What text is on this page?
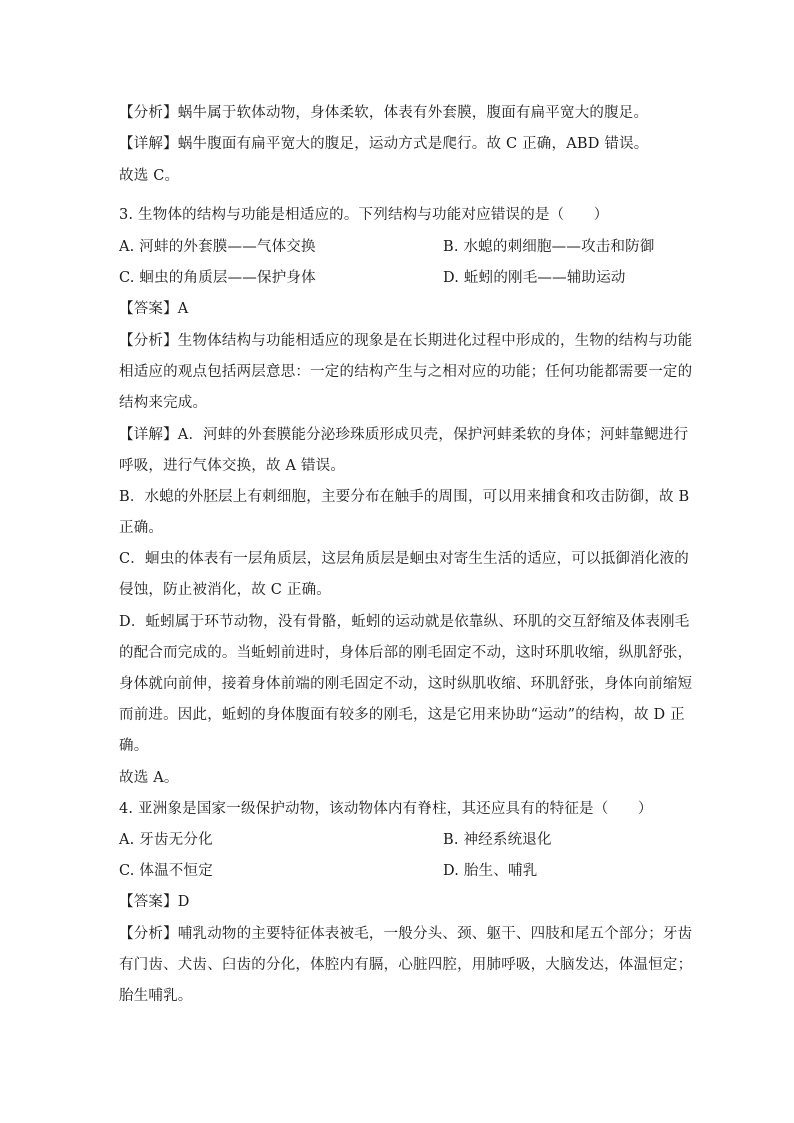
【分析】蜗牛属于软体动物，身体柔软，体表有外套膜，腹面有扁平宽大的腹足。
【详解】蜗牛腹面有扁平宽大的腹足，运动方式是爬行。故 C 正确，ABD 错误。
故选 C。
3. 生物体的结构与功能是相适应的。下列结构与功能对应错误的是（　　）
A. 河蚌的外套膜——气体交换	B. 水螅的刺细胞——攻击和防御
C. 蛔虫的角质层——保护身体	D. 蚯蚓的刚毛——辅助运动
【答案】A
【分析】生物体结构与功能相适应的现象是在长期进化过程中形成的，生物的结构与功能
相适应的观点包括两层意思：一定的结构产生与之相对应的功能；任何功能都需要一定的
结构来完成。
【详解】A．河蚌的外套膜能分泌珍珠质形成贝壳，保护河蚌柔软的身体；河蚌靠鳃进行
呼吸，进行气体交换，故 A 错误。
B．水螅的外胚层上有刺细胞，主要分布在触手的周围，可以用来捕食和攻击防御，故 B
正确。
C．蛔虫的体表有一层角质层，这层角质层是蛔虫对寄生生活的适应，可以抵御消化液的
侵蚀，防止被消化，故 C 正确。
D．蚯蚓属于环节动物，没有骨骼，蚯蚓的运动就是依靠纵、环肌的交互舒缩及体表刚毛
的配合而完成的。当蚯蚓前进时，身体后部的刚毛固定不动，这时环肌收缩，纵肌舒张，
身体就向前伸，接着身体前端的刚毛固定不动，这时纵肌收缩、环肌舒张，身体向前缩短
而前进。因此，蚯蚓的身体腹面有较多的刚毛，这是它用来协助“运动”的结构，故 D 正
确。
故选 A。
4. 亚洲象是国家一级保护动物，该动物体内有脊柱，其还应具有的特征是（　　）
A. 牙齿无分化	B. 神经系统退化
C. 体温不恒定	D. 胎生、哺乳
【答案】D
【分析】哺乳动物的主要特征体表被毛，一般分头、颈、躯干、四肢和尾五个部分；牙齿
有门齿、犬齿、臼齿的分化，体腔内有膈，心脏四腔，用肺呼吸，大脑发达，体温恒定；
胎生哺乳。
